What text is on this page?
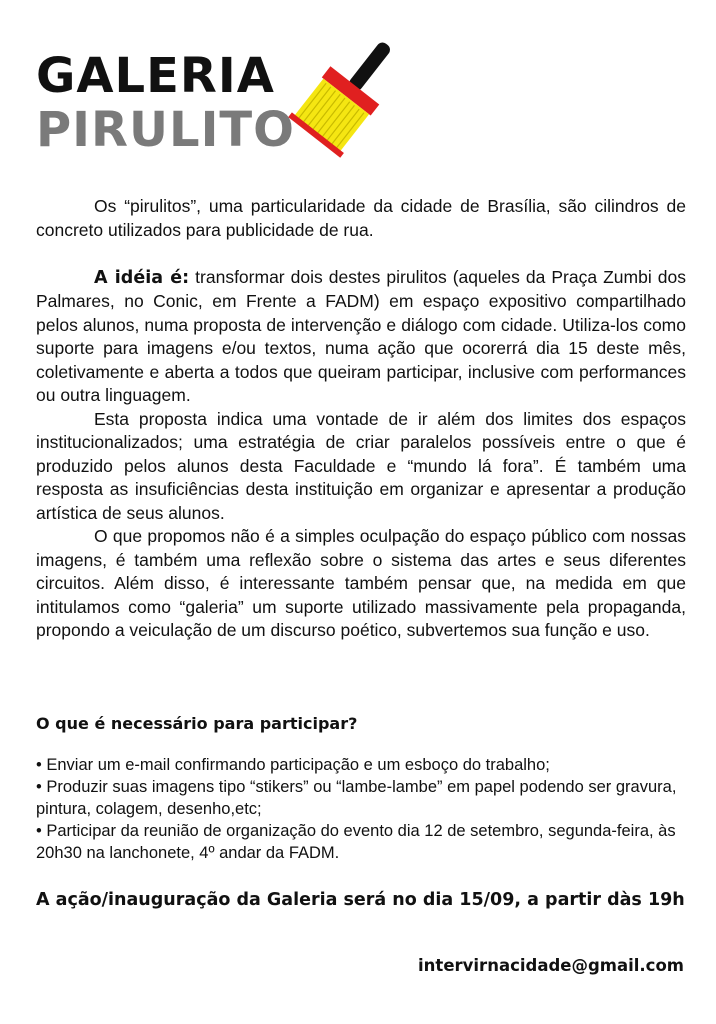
GALERIA
PIRULITO

Os “pirulitos”, uma particularidade da cidade de Brasília, são cilindros de concreto utilizados para publicidade de rua.

A idéia é: transformar dois destes pirulitos (aqueles da Praça Zumbi dos Palmares, no Conic, em Frente a FADM) em espaço expositivo compartilhado pelos alunos, numa proposta de intervenção e diálogo com cidade. Utiliza-los como suporte para imagens e/ou textos, numa ação que ocorerrá dia 15 deste mês, coletivamente e aberta a todos que queiram participar, inclusive com performances ou outra linguagem.

Esta proposta indica uma vontade de ir além dos limites dos espaços institucionalizados; uma estratégia de criar paralelos possíveis entre o que é produzido pelos alunos desta Faculdade e “mundo lá fora”. É também uma resposta as insuficiências desta instituição em organizar e apresentar a produção artística de seus alunos.

O que propomos não é a simples oculpação do espaço público com nossas imagens, é também uma reflexão sobre o sistema das artes e seus diferentes circuitos. Além disso, é interessante também pensar que, na medida em que intitulamos como “galeria” um suporte utilizado massivamente pela propaganda, propondo a veiculação de um discurso poético, subvertemos sua função e uso.

O que é necessário para participar?
• Enviar um e-mail confirmando participação e um esboço do trabalho;
• Produzir suas imagens tipo “stikers” ou “lambe-lambe” em papel podendo ser gravura, pintura, colagem, desenho,etc;
• Participar da reunião de organização do evento dia 12 de setembro, segunda-feira, às 20h30 na lanchonete, 4º andar da FADM.
A ação/inauguração da Galeria será no dia 15/09, a partir dàs 19h
intervirnacidade@gmail.com
